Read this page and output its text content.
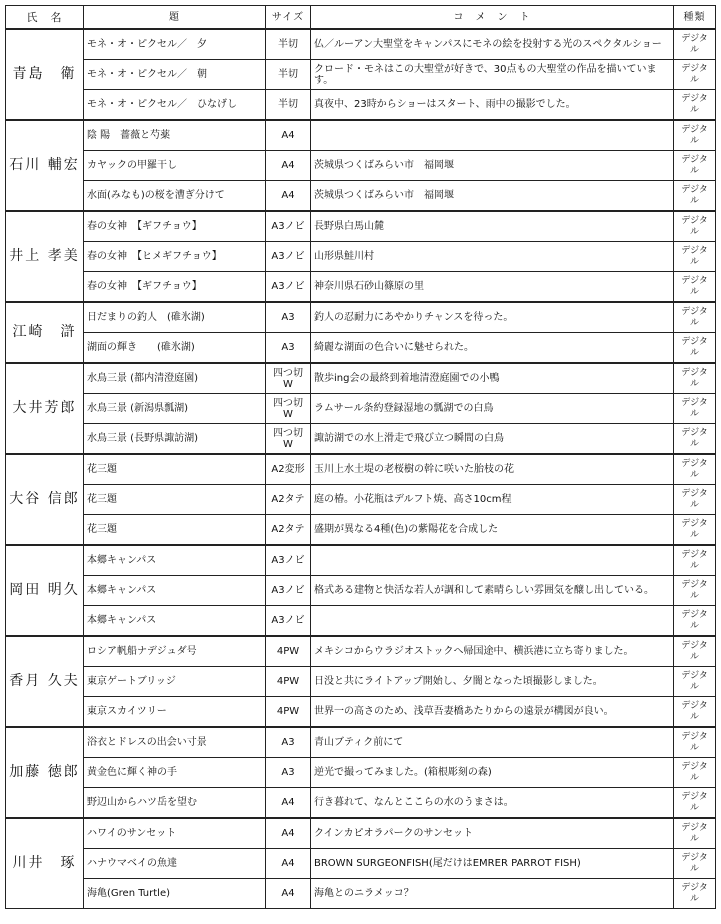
氏　名	題	サイズ	コ　メ　ン　ト	種類
青島　衛	モネ・オ・ピクセル／　夕	半切	仏／ルーアン大聖堂をキャンパスにモネの絵を投射する光のスペクタルショー	デジタル
	モネ・オ・ピクセル／　朝	半切	クロード・モネはこの大聖堂が好きで、30点もの大聖堂の作品を描いています。	デジタル
	モネ・オ・ピクセル／　ひなげし	半切	真夜中、23時からショーはスタート、雨中の撮影でした。	デジタル
石川 輔宏	陰 陽　薔薇と芍薬	A4		デジタル
	カヤックの甲羅干し	A4	茨城県つくばみらい市　福岡堰	デジタル
	水面(みなも)の桜を漕ぎ分けて	A4	茨城県つくばみらい市　福岡堰	デジタル
井上 孝美	春の女神　【ギフチョウ】	A3ノビ	長野県白馬山麓	デジタル
	春の女神　【ヒメギフチョウ】	A3ノビ	山形県鮭川村	デジタル
	春の女神　【ギフチョウ】	A3ノビ	神奈川県石砂山篠原の里	デジタル
江崎　滸	日だまりの釣人　(碓氷湖)	A3	釣人の忍耐力にあやかりチャンスを待った。	デジタル
	湖面の輝き　　(碓氷湖)	A3	綺麗な湖面の色合いに魅せられた。	デジタル
大井芳郎	水鳥三景 (都内清澄庭園)	四つ切W	散歩ing会の最終到着地清澄庭園での小鴨	デジタル
	水鳥三景 (新潟県瓢湖)	四つ切W	ラムサール条約登録湿地の瓢湖での白鳥	デジタル
	水鳥三景 (長野県諏訪湖)	四つ切W	諏訪湖での水上滑走で飛び立つ瞬間の白鳥	デジタル
大谷 信郎	花三題	A2変形	玉川上水土堤の老桜樹の幹に咲いた胎枝の花	デジタル
	花三題	A2タテ	庭の椿。小花瓶はデルフト焼、高さ10cm程	デジタル
	花三題	A2タテ	盛期が異なる4種(色)の紫陽花を合成した	デジタル
岡田 明久	本郷キャンパス	A3ノビ		デジタル
	本郷キャンパス	A3ノビ	格式ある建物と快活な若人が調和して素晴らしい雰囲気を醸し出している。	デジタル
	本郷キャンパス	A3ノビ		デジタル
香月 久夫	ロシア帆船ナデジュダ号	4PW	メキシコからウラジオストックへ帰国途中、横浜港に立ち寄りました。	デジタル
	東京ゲートブリッジ	4PW	日没と共にライトアップ開始し、夕闇となった頃撮影しました。	デジタル
	東京スカイツリー	4PW	世界一の高さのため、浅草吾妻橋あたりからの遠景が構図が良い。	デジタル
加藤 徳郎	浴衣とドレスの出会い寸景	A3	青山ブティク前にて	デジタル
	黄金色に輝く神の手	A3	逆光で撮ってみました。(箱根彫刻の森)	デジタル
	野辺山からハツ岳を望む	A4	行き暮れて、なんとここらの水のうまさは。	デジタル
川井　琢	ハワイのサンセット	A4	クインカピオラパークのサンセット	デジタル
	ハナウマベイの魚達	A4	BROWN SURGEONFISH(尾だけはEMRER PARROT FISH)	デジタル
	海亀(Gren Turtle)	A4	海亀とのニラメッコ？	デジタル
